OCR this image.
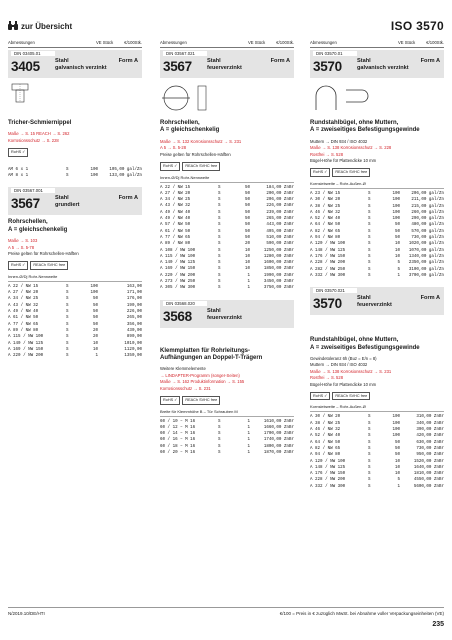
zur Übersicht	ISO 3570
Abmessungen	VE Stück	€/100Stk.
DIN 03405.01
3405	Stahl
galvanisch verzinkt
Form A
Tricher-Schmiernippel
Maße → S. 15 REACH → S. 262
Korrosionsschutz → S. 228
RoHS ✓
AM 6 x 1	S	100	105,00 gal/Zn
AM 8 x 1	S	100	133,00 gal/Zn
DIN 03567.001
3567	Stahl
grundiert
Form A
Rohrschellen,
A = gleichschenkelig
Maße → S. 103
A 5 → S. 5-78
Preise gelten für Rohrschellen-Hälften
RoHS ✓	REACh SVHC free
Innen-Ø/Dj Rohr-Nennweite
A 22 / NW 15	S	100	163,00
A 27 / NW 20	S	100	171,00
A 34 / NW 25	S	50	176,00
A 43 / NW 32	S	50	190,00
A 49 / NW 40	S	50	226,00
A 61 / NW 50	S	50	265,00
A 77 / NW 65	S	50	356,00
A 89 / NW 80	S	20	430,00
A 115 / NW 100	S	20	890,00
A 140 / NW 125	S	10	1010,00
A 169 / NW 150	S	10	1120,00
A 220 / NW 200	S	1	1350,00
Abmessungen	VE Stück	€/100Stk.
DIN 03567.021
3567	Stahl
feuerverzinkt
Form A
Rohrschellen,
A = gleichschenkelig
Maße → S. 132 Korrosionsschutz → S. 231
A 5 → S. 5-28
Preise gelten für Rohrschellen-Hälften
RoHS ✓	REACh SVHC free
Innen-Ø/Dj Rohr-Nennweite
A 22 / NW 15	S	50	184,00 ZnBr
A 27 / NW 20	S	50	200,00 ZnBr
A 34 / NW 25	S	50	206,00 ZnBr
A 43 / NW 32	S	50	226,00 ZnBr
A 49 / NW 40	S	50	239,00 ZnBr
A 49 / NW 40	S	50	265,00 ZnBr
A 57 / NW 50	S	50	443,00 ZnBr
A 61 / NW 50	S	50	495,00 ZnBr
A 77 / NW 65	S	50	510,00 ZnBr
A 89 / NW 80	S	20	590,00 ZnBr
A 108 / NW 100	S	10	1250,00 ZnBr
A 115 / NW 100	S	10	1280,00 ZnBr
A 140 / NW 125	S	10	1600,00 ZnBr
A 169 / NW 150	S	10	1850,00 ZnBr
A 220 / NW 200	S	1	1990,00 ZnBr
A 273 / NW 250	S	1	3450,00 ZnBr
A 305 / NW 300	S	1	3750,00 ZnBr
DIN 03568.020
3568	Stahl
feuerverzinkt
Klemmplatten für Rohrleitungs-
Aufhängungen an Doppel-T-Trägern
Weitere Klemmelemente
→ LINDAPTER-Programm (songer-Seiten)
Maße → S. 162 Produktinformation → S. 155
Korrosionsschutz → S. 231
RoHS ✓	REACh SVHC free
Breite für Klemmhöhe B – Tür Schrauben M
60 / 10 – M 16	S	1	1610,00 ZnBr
60 / 12 – M 16	S	1	1660,00 ZnBr
60 / 14 – M 16	S	1	1700,00 ZnBr
60 / 16 – M 16	S	1	1740,00 ZnBr
60 / 18 – M 16	S	1	1800,00 ZnBr
60 / 20 – M 16	S	1	1870,00 ZnBr
Abmessungen	VE Stück	€/100Stk.
DIN 03570.01
3570	Stahl
galvanisch verzinkt
Form A
Rundstahlbügel, ohne Muttern,
A = zweiseitiges Befestigungsgewinde
Muttern → DIN 934 / ISO 4032
Maße → S. 138 Korrosionsschutz → S. 228
Rostfrei → S. 528
Bügel-Höhe für Plattendicke 10 mm
RoHS ✓	REACh SVHC free
Kornsiebweite – Rohr-Außen-Ø
A 23 / NW 15	S	100	206,00 gal/Zn
A 30 / NW 20	S	100	211,00 gal/Zn
A 38 / NW 25	S	100	215,00 gal/Zn
A 46 / NW 32	S	100	260,00 gal/Zn
A 52 / NW 40	S	100	290,00 gal/Zn
A 64 / NW 50	S	50	480,00 gal/Zn
A 82 / NW 65	S	50	570,00 gal/Zn
A 94 / NW 80	S	50	730,00 gal/Zn
A 120 / NW 100	S	10	1020,00 gal/Zn
A 148 / NW 125	S	10	1070,00 gal/Zn
A 176 / NW 150	S	10	1340,00 gal/Zn
A 228 / NW 200	S	5	2350,00 gal/Zn
A 282 / NW 250	S	5	3100,00 gal/Zn
A 332 / NW 300	S	1	3700,00 gal/Zn
DIN 03570.021
3570	Stahl
feuerverzinkt
Form A
Rundstahlbügel, ohne Muttern,
A = zweiseitiges Befestigungsgewinde
Gewindetoleranz 6h (Buz = E/n = 8)
Muttern → DIN 934 / ISO 4032
Maße → S. 138 Korrosionsschutz → S. 231
Rostfrei → S. 528
Bügel-Höhe für Plattendicke 10 mm
RoHS ✓	REACh SVHC free
Kornsiebweite – Rohr-Außen-Ø
A 30 / NW 20	S	100	310,00 ZnBr
A 38 / NW 25	S	100	340,00 ZnBr
A 46 / NW 32	S	100	390,00 ZnBr
A 52 / NW 40	S	100	420,00 ZnBr
A 64 / NW 50	S	50	630,00 ZnBr
A 82 / NW 65	S	50	730,00 ZnBr
A 94 / NW 80	S	50	950,00 ZnBr
A 120 / NW 100	S	10	1520,00 ZnBr
A 148 / NW 125	S	10	1640,00 ZnBr
A 176 / NW 150	S	10	1810,00 ZnBr
A 228 / NW 200	S	5	4550,00 ZnBr
A 332 / NW 300	S	1	5600,00 ZnBr
N/2019.10/DE/HTI	€/100 = Preis in € zuzüglich MwSt. bei Abnahme voller Verpackungseinheiten (VE)
235
